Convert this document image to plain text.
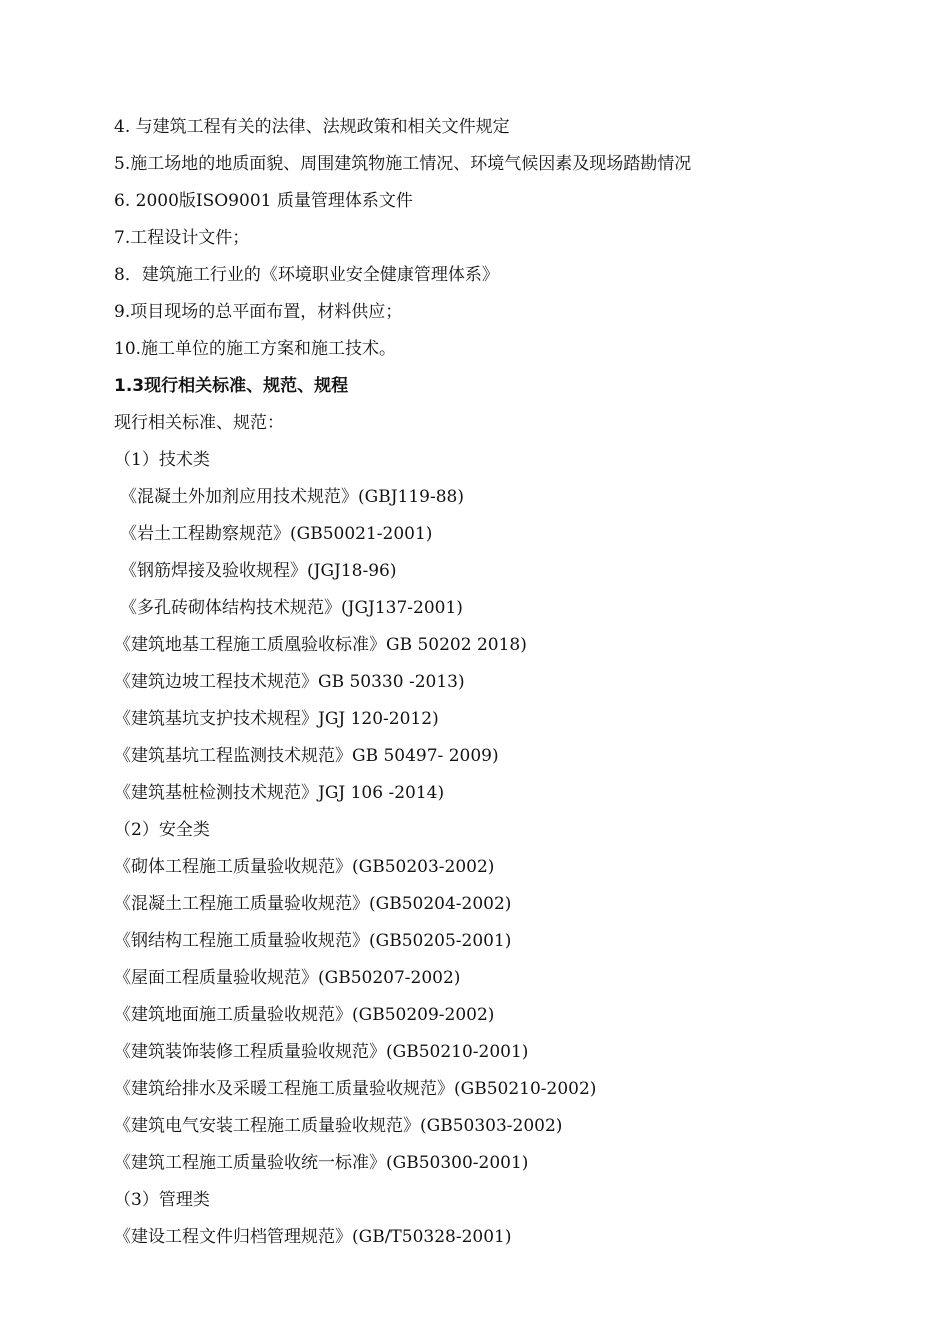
4. 与建筑工程有关的法律、法规政策和相关文件规定
5.施工场地的地质面貌、周围建筑物施工情况、环境气候因素及现场踏勘情况
6. 2000版ISO9001 质量管理体系文件
7.工程设计文件；
8．建筑施工行业的《环境职业安全健康管理体系》
9.项目现场的总平面布置，材料供应；
10.施工单位的施工方案和施工技术。
1.3现行相关标准、规范、规程
现行相关标准、规范：
（1）技术类
《混凝土外加剂应用技术规范》(GBJ119-88)
《岩土工程勘察规范》(GB50021-2001)
《钢筋焊接及验收规程》(JGJ18-96)
《多孔砖砌体结构技术规范》(JGJ137-2001)
《建筑地基工程施工质凰验收标准》GB 50202 2018)
《建筑边坡工程技术规范》GB 50330 -2013)
《建筑基坑支护技术规程》JGJ 120-2012)
《建筑基坑工程监测技术规范》GB 50497- 2009)
《建筑基桩检测技术规范》JGJ 106 -2014)
（2）安全类
《砌体工程施工质量验收规范》(GB50203-2002)
《混凝土工程施工质量验收规范》(GB50204-2002)
《钢结构工程施工质量验收规范》(GB50205-2001)
《屋面工程质量验收规范》(GB50207-2002)
《建筑地面施工质量验收规范》(GB50209-2002)
《建筑装饰装修工程质量验收规范》(GB50210-2001)
《建筑给排水及采暖工程施工质量验收规范》(GB50210-2002)
《建筑电气安装工程施工质量验收规范》(GB50303-2002)
《建筑工程施工质量验收统一标准》(GB50300-2001)
（3）管理类
《建设工程文件归档管理规范》(GB/T50328-2001)
